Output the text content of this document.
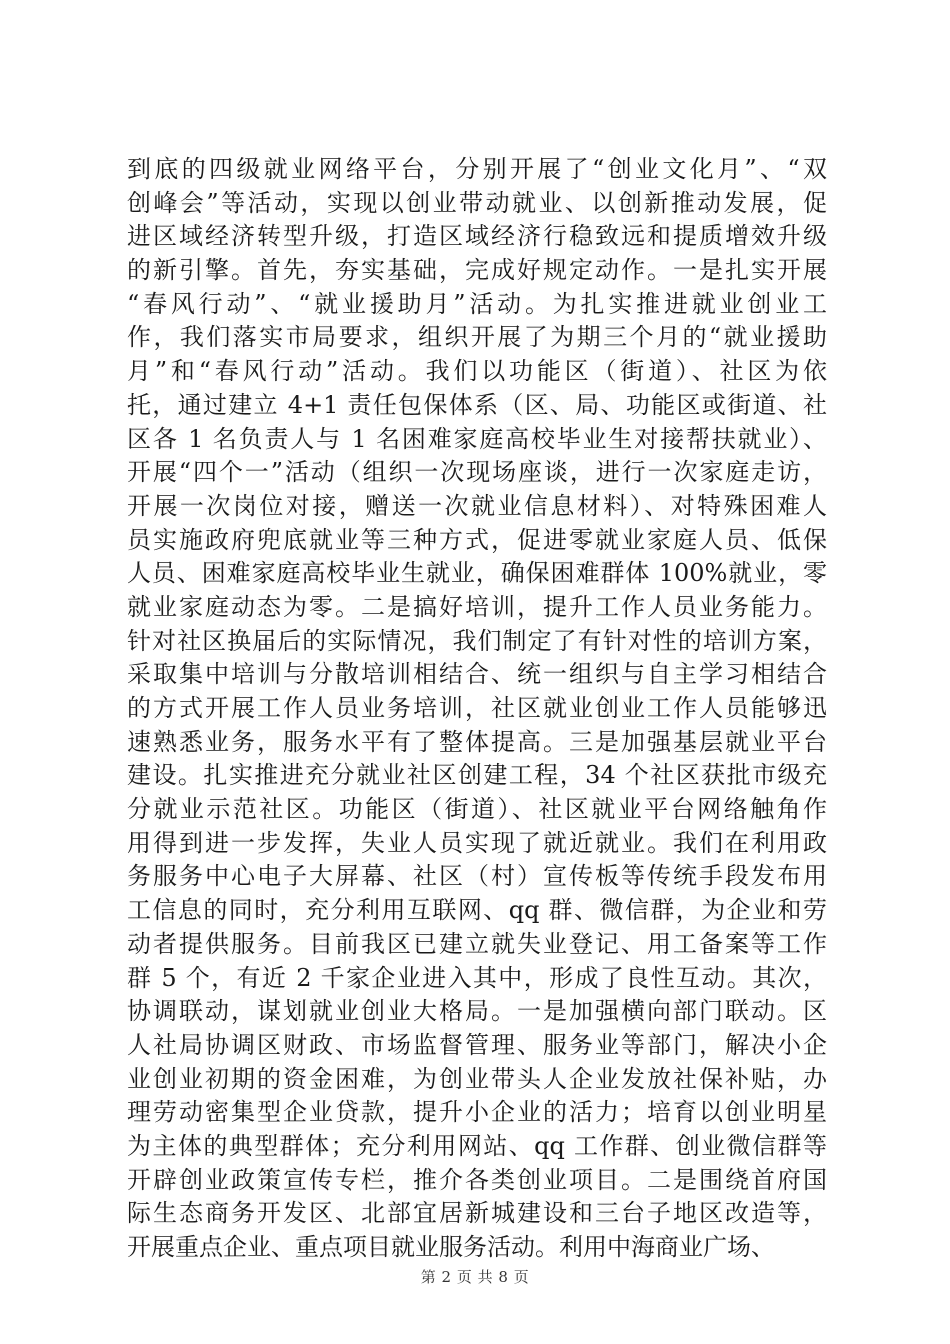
到底的四级就业网络平台，分别开展了“创业文化月”、“双
创峰会”等活动，实现以创业带动就业、以创新推动发展，促
进区域经济转型升级，打造区域经济行稳致远和提质增效升级
的新引擎。首先，夯实基础，完成好规定动作。一是扎实开展
“春风行动”、“就业援助月”活动。为扎实推进就业创业工
作，我们落实市局要求，组织开展了为期三个月的“就业援助
月”和“春风行动”活动。我们以功能区（街道）、社区为依
托，通过建立 4+1 责任包保体系（区、局、功能区或街道、社
区各 1 名负责人与 1 名困难家庭高校毕业生对接帮扶就业）、
开展“四个一”活动（组织一次现场座谈，进行一次家庭走访，
开展一次岗位对接，赠送一次就业信息材料）、对特殊困难人
员实施政府兜底就业等三种方式，促进零就业家庭人员、低保
人员、困难家庭高校毕业生就业，确保困难群体 100%就业，零
就业家庭动态为零。二是搞好培训，提升工作人员业务能力。
针对社区换届后的实际情况，我们制定了有针对性的培训方案，
采取集中培训与分散培训相结合、统一组织与自主学习相结合
的方式开展工作人员业务培训，社区就业创业工作人员能够迅
速熟悉业务，服务水平有了整体提高。三是加强基层就业平台
建设。扎实推进充分就业社区创建工程，34 个社区获批市级充
分就业示范社区。功能区（街道）、社区就业平台网络触角作
用得到进一步发挥，失业人员实现了就近就业。我们在利用政
务服务中心电子大屏幕、社区（村）宣传板等传统手段发布用
工信息的同时，充分利用互联网、qq 群、微信群，为企业和劳
动者提供服务。目前我区已建立就失业登记、用工备案等工作
群 5 个，有近 2 千家企业进入其中，形成了良性互动。其次，
协调联动，谋划就业创业大格局。一是加强横向部门联动。区
人社局协调区财政、市场监督管理、服务业等部门，解决小企
业创业初期的资金困难，为创业带头人企业发放社保补贴，办
理劳动密集型企业贷款，提升小企业的活力；培育以创业明星
为主体的典型群体；充分利用网站、qq 工作群、创业微信群等
开辟创业政策宣传专栏，推介各类创业项目。二是围绕首府国
际生态商务开发区、北部宜居新城建设和三台子地区改造等，
开展重点企业、重点项目就业服务活动。利用中海商业广场、
第 2 页 共 8 页
